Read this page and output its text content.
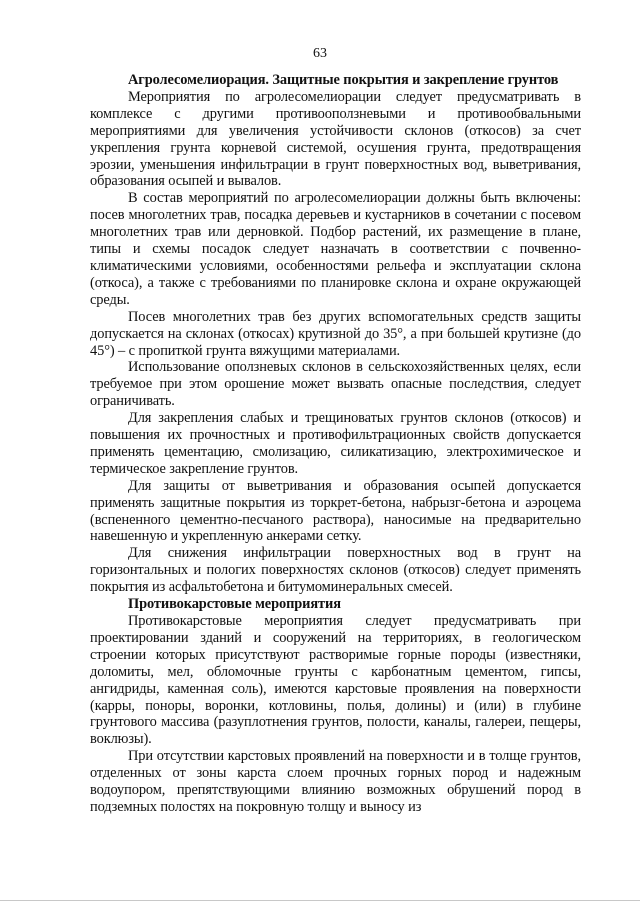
63

Агролесомелиорация. Защитные покрытия и закрепление грунтов

Мероприятия по агролесомелиорации следует предусматривать в комплексе с другими противооползневыми и противообвальными мероприятиями для увеличения устойчивости склонов (откосов) за счет укрепления грунта корневой системой, осушения грунта, предотвращения эрозии, уменьшения инфильтрации в грунт поверхностных вод, выветривания, образования осыпей и вывалов.

В состав мероприятий по агролесомелиорации должны быть включены: посев многолетних трав, посадка деревьев и кустарников в сочетании с посевом многолетних трав или дерновкой. Подбор растений, их размещение в плане, типы и схемы посадок следует назначать в соответствии с почвенно-климатическими условиями, особенностями рельефа и эксплуатации склона (откоса), а также с требованиями по планировке склона и охране окружающей среды.

Посев многолетних трав без других вспомогательных средств защиты допускается на склонах (откосах) крутизной до 35°, а при большей крутизне (до 45°) – с пропиткой грунта вяжущими материалами.

Использование оползневых склонов в сельскохозяйственных целях, если требуемое при этом орошение может вызвать опасные последствия, следует ограничивать.

Для закрепления слабых и трещиноватых грунтов склонов (откосов) и повышения их прочностных и противофильтрационных свойств допускается применять цементацию, смолизацию, силикатизацию, электрохимическое и термическое закрепление грунтов.

Для защиты от выветривания и образования осыпей допускается применять защитные покрытия из торкрет-бетона, набрызг-бетона и аэроцема (вспененного цементно-песчаного раствора), наносимые на предварительно навешенную и укрепленную анкерами сетку.

Для снижения инфильтрации поверхностных вод в грунт на горизонтальных и пологих поверхностях склонов (откосов) следует применять покрытия из асфальтобетона и битумоминеральных смесей.

Противокарстовые мероприятия

Противокарстовые мероприятия следует предусматривать при проектировании зданий и сооружений на территориях, в геологическом строении которых присутствуют растворимые горные породы (известняки, доломиты, мел, обломочные грунты с карбонатным цементом, гипсы, ангидриды, каменная соль), имеются карстовые проявления на поверхности (карры, поноры, воронки, котловины, полья, долины) и (или) в глубине грунтового массива (разуплотнения грунтов, полости, каналы, галереи, пещеры, воклюзы).

При отсутствии карстовых проявлений на поверхности и в толще грунтов, отделенных от зоны карста слоем прочных горных пород и надежным водоупором, препятствующими влиянию возможных обрушений пород в подземных полостях на покровную толщу и выносу из
